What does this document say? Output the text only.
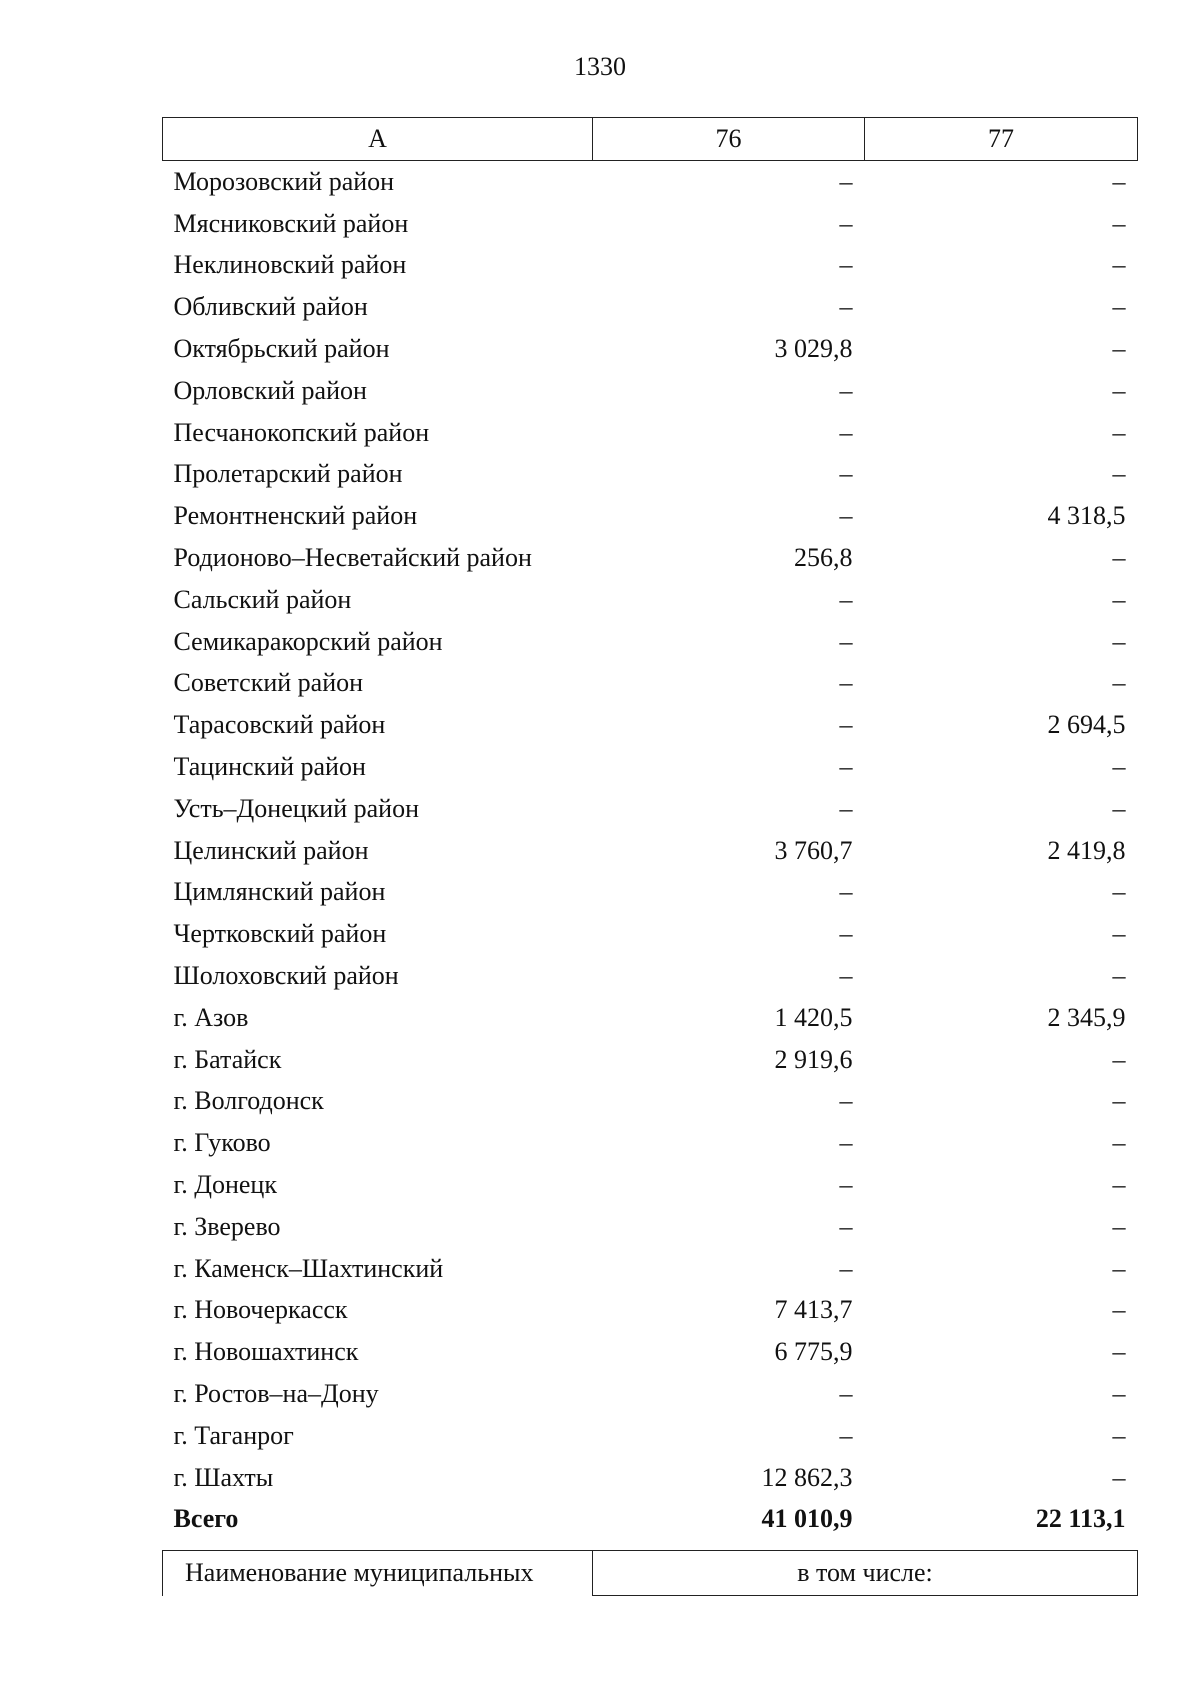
1330
А	76	77
Морозовский район	–	–
Мясниковский район	–	–
Неклиновский район	–	–
Обливский район	–	–
Октябрьский район	3 029,8	–
Орловский район	–	–
Песчанокопский район	–	–
Пролетарский район	–	–
Ремонтненский район	–	4 318,5
Родионово–Несветайский район	256,8	–
Сальский район	–	–
Семикаракорский район	–	–
Советский район	–	–
Тарасовский район	–	2 694,5
Тацинский район	–	–
Усть–Донецкий район	–	–
Целинский район	3 760,7	2 419,8
Цимлянский район	–	–
Чертковский район	–	–
Шолоховский район	–	–
г. Азов	1 420,5	2 345,9
г. Батайск	2 919,6	–
г. Волгодонск	–	–
г. Гуково	–	–
г. Донецк	–	–
г. Зверево	–	–
г. Каменск–Шахтинский	–	–
г. Новочеркасск	7 413,7	–
г. Новошахтинск	6 775,9	–
г. Ростов–на–Дону	–	–
г. Таганрог	–	–
г. Шахты	12 862,3	–
Всего	41 010,9	22 113,1
Наименование муниципальных	в том числе:
